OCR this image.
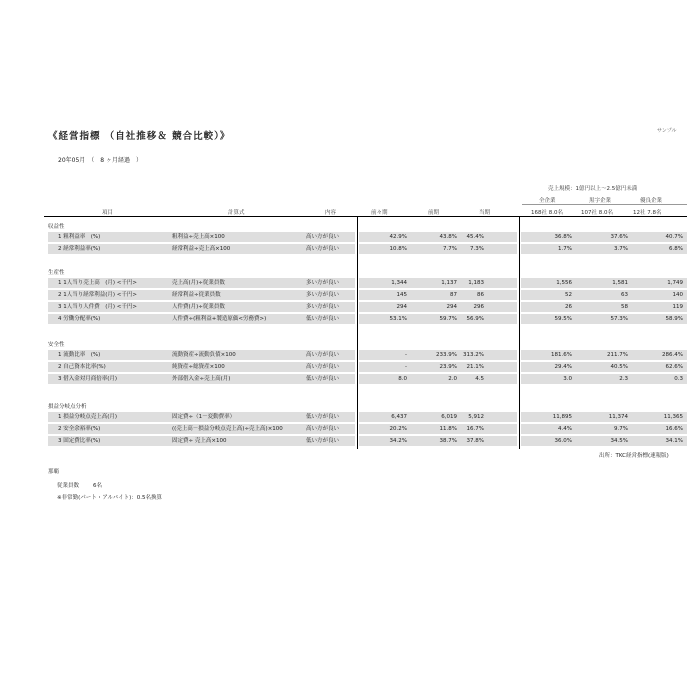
《経営指標 （自社推移＆ 競合比較）》	サンプル
20年05月　（　8 ヶ月経過　）
売上規模：1億円以上～2.5億円未満
全企業	黒字企業	優良企業
168社 8.0名	107社 8.0名	12社 7.8名
項目	計算式	内容	前々期	前期	当期
収益性
1 粗利益率　(%)	粗利益÷売上高×100	高い方が良い	42.9%	43.8%	45.4%	36.8%	37.6%	40.7%
2 経常利益率(%)	経常利益÷売上高×100	高い方が良い	10.8%	7.7%	7.3%	1.7%	3.7%	6.8%
生産性
1 1人当り売上高　(月) <千円>	売上高(月)÷従業員数	多い方が良い	1,344	1,137	1,183	1,556	1,581	1,749
2 1人当り経常利益(月) <千円>	経常利益÷従業員数	多い方が良い	145	87	86	52	63	140
3 1人当り人件費　(月) <千円>	人件費(月)÷従業員数	多い方が良い	294	294	296	26	58	119
4 労働分配率(%)	人件費÷(粗利益+製造原価<労務費>)	低い方が良い	53.1%	59.7%	56.9%	59.5%	57.3%	58.9%
安全性
1 流動比率　(%)	流動資産÷流動負債×100	高い方が良い	-	233.9%	313.2%	181.6%	211.7%	286.4%
2 自己資本比率(%)	純資産÷総資産×100	高い方が良い	-	23.9%	21.1%	29.4%	40.5%	62.6%
3 借入金対月商倍率(月)	外部借入金÷売上高(月)	低い方が良い	8.0	2.0	4.5	3.0	2.3	0.3
損益分岐点分析
1 損益分岐点売上高(月)	固定費÷（1－変動費率）	低い方が良い	6,437	6,019	5,912	11,895	11,374	11,365
2 安全余裕率(%)	((売上高－損益分岐点売上高)÷売上高)×100	高い方が良い	20.2%	11.8%	16.7%	4.4%	9.7%	16.6%
3 固定費比率(%)	固定費÷ 売上高×100	低い方が良い	34.2%	38.7%	37.8%	36.0%	34.5%	34.1%
出所：TKC経営指標(速報版)
那覇
従業員数	6名
※非常勤(パート・アルバイト)：0.5名換算
